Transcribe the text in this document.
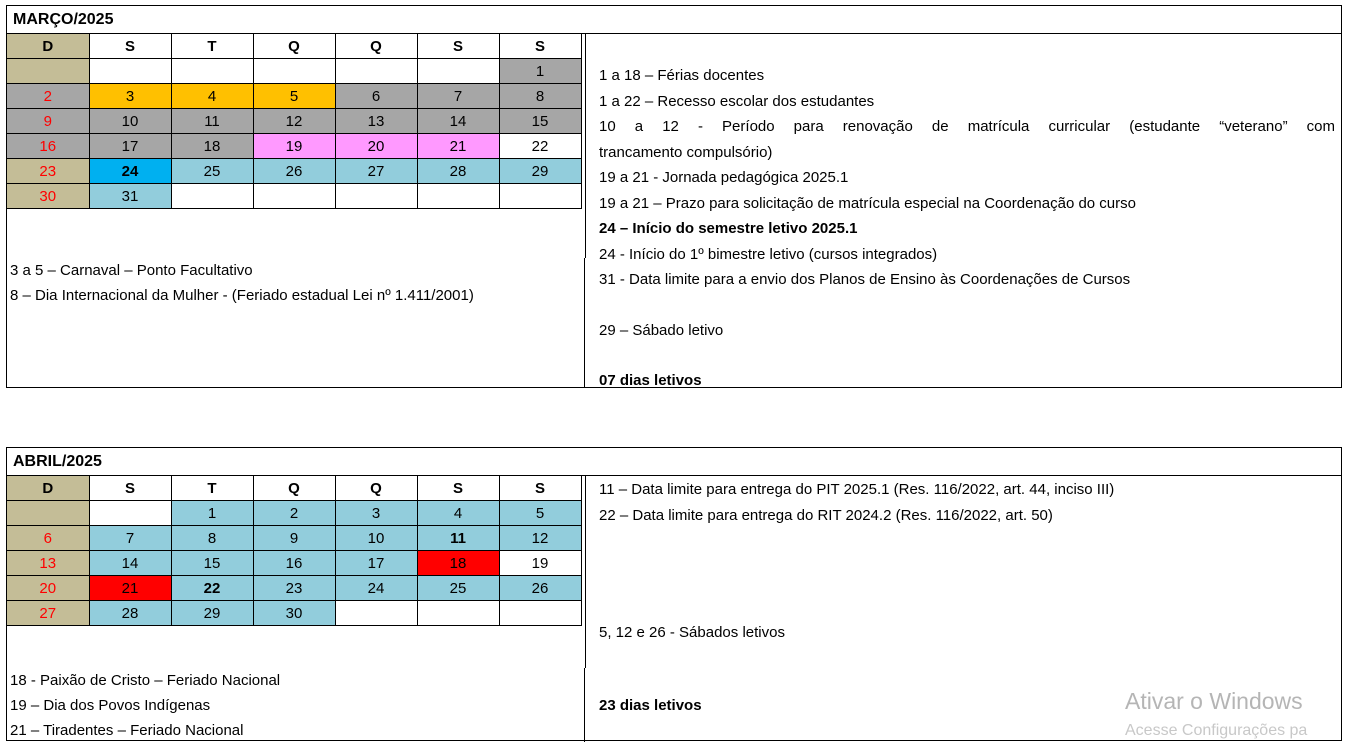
MARÇO/2025
D	S	T	Q	Q	S	S
						1
2	3	4	5	6	7	8
9	10	11	12	13	14	15
16	17	18	19	20	21	22
23	24	25	26	27	28	29
30	31					
3 a 5 – Carnaval – Ponto Facultativo
8 – Dia Internacional da Mulher - (Feriado estadual Lei nº 1.411/2001)
1 a 18 – Férias docentes
1 a 22 – Recesso escolar dos estudantes
10 a 12 - Período para renovação de matrícula curricular (estudante “veterano” com
trancamento compulsório)
19 a 21 - Jornada pedagógica 2025.1
19 a 21 – Prazo para solicitação de matrícula especial na Coordenação do curso
24 – Início do semestre letivo 2025.1
24 - Início do 1º bimestre letivo (cursos integrados)
31 - Data limite para a envio dos Planos de Ensino às Coordenações de Cursos
29 – Sábado letivo
07 dias letivos
ABRIL/2025
D	S	T	Q	Q	S	S
		1	2	3	4	5
6	7	8	9	10	11	12
13	14	15	16	17	18	19
20	21	22	23	24	25	26
27	28	29	30			
18 - Paixão de Cristo – Feriado Nacional
19 – Dia dos Povos Indígenas
21 – Tiradentes – Feriado Nacional
11 – Data limite para entrega do PIT 2025.1 (Res. 116/2022, art. 44, inciso III)
22 – Data limite para entrega do RIT 2024.2 (Res. 116/2022, art. 50)
5, 12 e 26 - Sábados letivos
23 dias letivos	Ativar o Windows
Acesse Configurações pa
